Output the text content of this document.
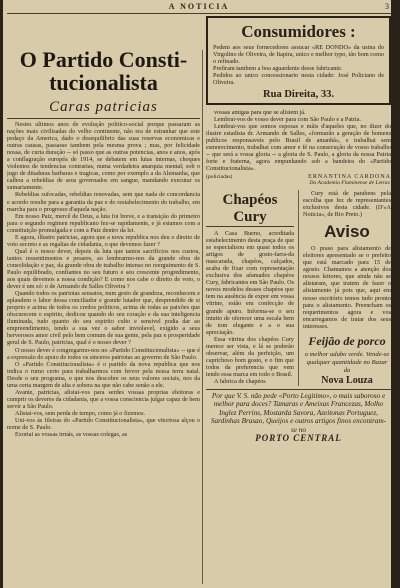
A NOTICIA	3
O Partido Consti-
tucionalista
Caras patricias

Nestes ultimos anos de evolução politico-social porque passaram as nações mais civilisadas do velho continente, não era de estranhar que este pedaço da America, dado o desequilibrio das suas reservas economicas e outras causas, passasse tambem pela mesma prova ; mas, por felicidade nossa, de curta duração -- só passo que as outras potencias, anos e anos, após a conflagração européa de 1914, se debatem em lutas internas, choques violentos de tendencias contrarias, numa verdadeira anarquia mental; sob o jugo de ditaduras barbaras e tragicas, como por exemplo a da Alemanha, que calhou a rebeldias de seus governados em sangue, mandando executar os sumariamente.

Rebeldias sufocadas, rebeldias renovadas, sem que nada de concordancia e acordo resulte para a garantia da paz e do restabelecimento do trabalho, em marcha para o progresso d'aquela nação.

Em nosso Paiz, mercê de Deus, a luta foi breve, e a transição do primeiro para o segundo regimen republicano fez-se rapidamente, e já estamos com a constituição promulgada e com a Paiz dentro da lei.

E agora, illustre patricias, agora que a nova republica nos deu o direito de voto secreto e as regalias de cidadania, o que devemos fazer ?

Qual é o nosso dever, depois da luta que tantos sacrificios nos custou, tantos ressentimentos e pesares, ao lembrarmo-nos da grande obra de consolidação e paz, da grande obra de trabalho intenso no reerguimento de S. Paulo equilibrado, confiantes no seu futuro e seu crescente progredimento, aos quais devemos a nossa condição? E como nos cabe o direito de voto, o dever é um só: o de Armando de Salles Oliveira ?

Quando todos os patriotas sensatos, num gesto de grandeza, reconhecem e aplaudem o labor dessa conciliador e grande lutador que, desprendido de si proprio e acima de todos os credos politicos, acima de todas as paixões que obscurecem o espirito, dedicou quando do seu coração e da sua inteligencia iluminada, tudo quanto do seu espirito culto e sensivel podia dar ao empreendimento, tendo a sua vez o sabor inviolavel, exigido a seus herverosos amor civil pelo bem comum de sua gente, pela paz e prosperidade geral de S. Paulo, patricias, qual é o nosso dever ?

O nosso dever é congregarmo-nos no «Partido Constitucionalista» -- que é a expressão do apoio de todos os sinceros patriotas ao governo de São Paulo.

O «Partido Constitucionalista» é o partido da nova republica que nos indica o rumo certo para trabalharmos com fervor pela nossa terra natal. Desde o seu programa, o que nos descobre os seus valores sociais, nos da uma certa margem de alta e sobera na que não cabe senão a ele.

Avante, patricias, alistai-vos para serdes vossas proprias eleitoras e cumprir os deveres da cidadania, que a vossa consciencia julgar capaz de bem servir a São Paulo.

Alistai-vos, sem perda de tempo, como já o fizemos.

Uni-vos às fileiras do «Partido Constitucionalista», que vitoriosa alçou o nome de S. Paulo.

Exortai as vossas irmãs, as vossas colegas, as

Consumidores :

Pedem aos seus fornecedores assucar «RE DONDO» da usina do Virgolino de Oliveira, de Itapira, unico e melhor typo, tão bom como o refinado.

Prefiram tambem a boa aguardente desse fabricante.

Pedidos ao unico concessionario nesta cidade: José Policiano de Oliveira.

Rua Direita, 33.

vossas amigas para que se alistem já.

Lembrai-vos de vosso dever para com São Paulo e a Patria.

Lembrai-vos que somos esposas e mãis d'aqueles que, no dizer do ilustre estadista dr. Armando de Salles, «formarão a geração de homens publicos responsaveis pelo Brasil de amanhã», e trabalhai sem esmorecimento, trabalhai com amor e fé na consecução de vosso trabalho -- que será a vossa gloria -- a gloria de S. Paulo, a gloria da nossa Patria forte e fraterna, agora empunhando sob a bandeira do «Partido Constitucionalista».

(policiadas)	ERNANTINA CARDONA
Da Academia Fluminense de Letras
Chapéos Cury

A Casa Bueno, acreditada estabelecimento desta praça de que se especialisou em quasi todos os artigos de gosto-farra-da mascarada, chapéos, calçados, acaba de fixar com representação exclusiva dos afamados chapéos Cury, fabricantes em São Paulo. Os novos modelos desses chapéos que tem na ausência de expor em vossa vitrine, estão em confecção de grande apuro. Informa-se o seu intuito de oferecer uma escala bem de tom elegante e a o sua apreciação.

Essa vitrina dos chapéos Cury merece ser vista, e lá se poderão observar, além da perfeição, um caprichoso bom gosto, e o fim que todos da preferencia que vem tendo essa marca em todo o Brasil.

A fabrica de chapéos

Cury está de parabens pela escolha que fez de representantes exclusivos desta cidade. (D'«A Noticia», de Rio Preto.)

Aviso

O praso para alistamento de eleitores apresentado se o prefeito que está marcado para 15 de agosto. Chamamos a atenção dos nossos leitores, que ainda não se alistaram, que tratem de fazer o alistamento já pois que, aqui em nosso escritório temos tudo pronto para o alistamento. Preencham os requerimentos agora e vos encarregamos de tratar dos seus interesses.

Feijão de porco
o melhor adubo verde. Vende-se qualquer quantidade no Bazar da
Nova Louza
Por que V. S. não pede «Porto Legitimo», o mais saboroso e melhor para doces? Tamaras e Ameixas Francezas, Molho Inglez Perrins, Mostarda Savora, Azeitonas Portuguez, Sardinhas Brasao, Queijos e outros artigos finos encontram-se no
PORTO CENTRAL
